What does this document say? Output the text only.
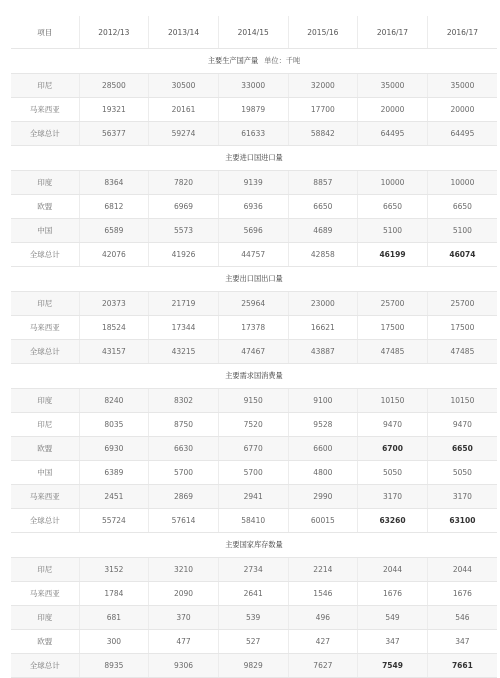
项目	2012/13	2013/14	2014/15	2015/16	2016/17	2016/17
主要生产国产量 单位：千吨						
印尼	28500	30500	33000	32000	35000	35000
马来西亚	19321	20161	19879	17700	20000	20000
全球总计	56377	59274	61633	58842	64495	64495
主要进口国进口量						
印度	8364	7820	9139	8857	10000	10000
欧盟	6812	6969	6936	6650	6650	6650
中国	6589	5573	5696	4689	5100	5100
全球总计	42076	41926	44757	42858	46199	46074
主要出口国出口量						
印尼	20373	21719	25964	23000	25700	25700
马来西亚	18524	17344	17378	16621	17500	17500
全球总计	43157	43215	47467	43887	47485	47485
主要需求国消费量						
印度	8240	8302	9150	9100	10150	10150
印尼	8035	8750	7520	9528	9470	9470
欧盟	6930	6630	6770	6600	6700	6650
中国	6389	5700	5700	4800	5050	5050
马来西亚	2451	2869	2941	2990	3170	3170
全球总计	55724	57614	58410	60015	63260	63100
主要国家库存数量						
印尼	3152	3210	2734	2214	2044	2044
马来西亚	1784	2090	2641	1546	1676	1676
印度	681	370	539	496	549	546
欧盟	300	477	527	427	347	347
全球总计	8935	9306	9829	7627	7549	7661
